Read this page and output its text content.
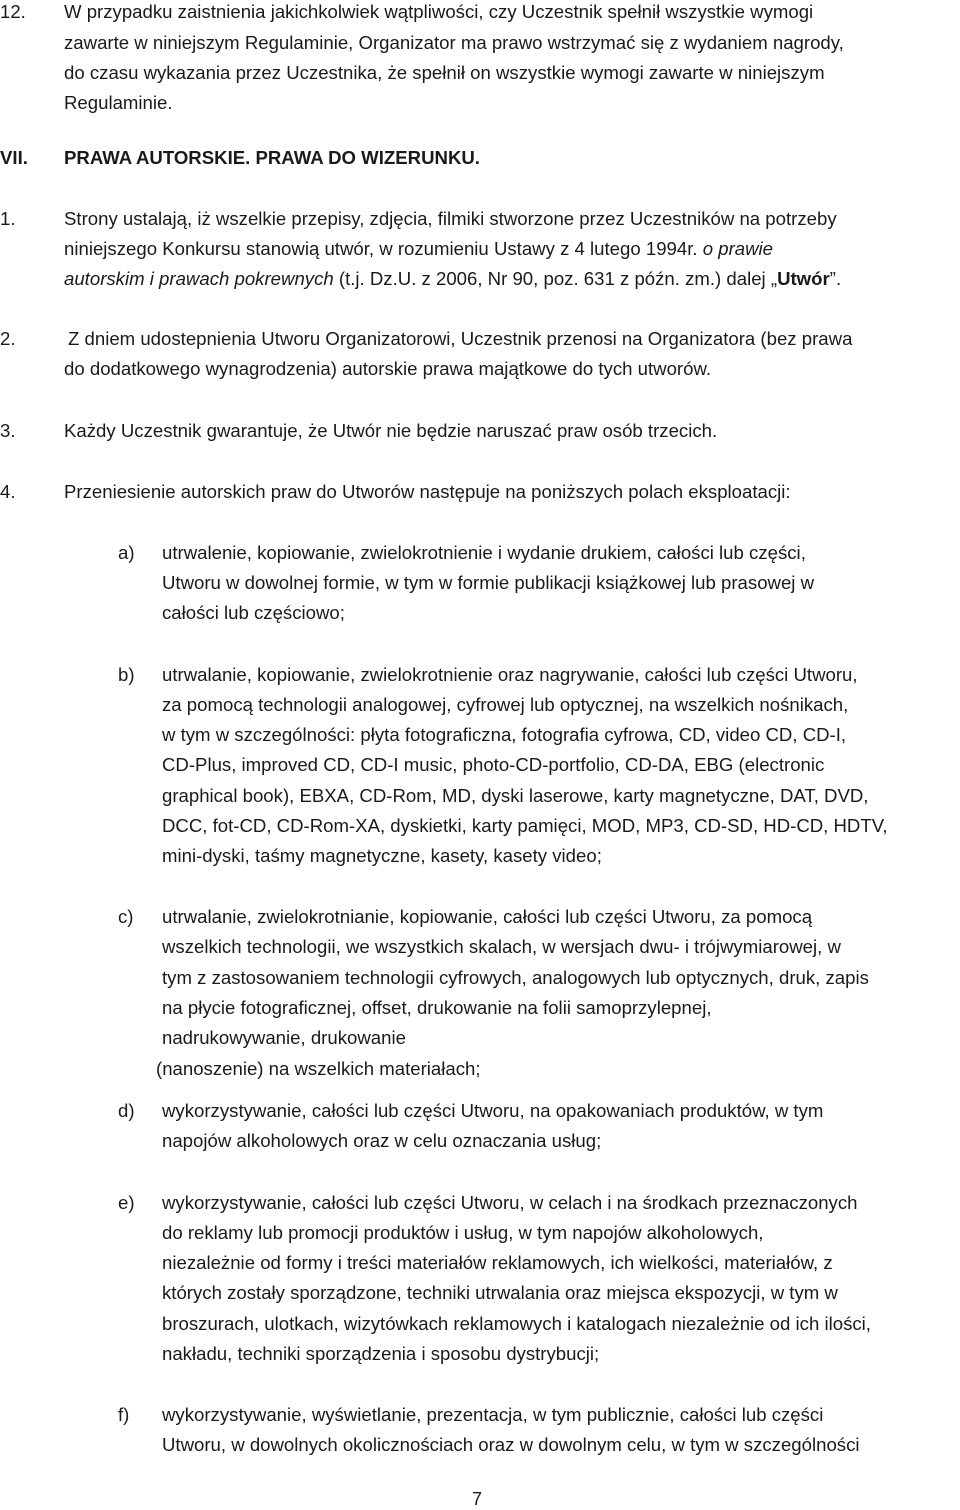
12. W przypadku zaistnienia jakichkolwiek wątpliwości, czy Uczestnik spełnił wszystkie wymogi
zawarte w niniejszym Regulaminie, Organizator ma prawo wstrzymać się z wydaniem nagrody,
do czasu wykazania przez Uczestnika, że spełnił on wszystkie wymogi zawarte w niniejszym
Regulaminie.
VII. PRAWA AUTORSKIE. PRAWA DO WIZERUNKU.
1.	Strony ustalają, iż wszelkie przepisy, zdjęcia, filmiki stworzone przez Uczestników na potrzeby
niniejszego Konkursu stanowią utwór, w rozumieniu Ustawy z 4 lutego 1994r. o prawie
autorskim i prawach pokrewnych (t.j. Dz.U. z 2006, Nr 90, poz. 631 z późn. zm.) dalej „Utwór”.
2.	Z dniem udostepnienia Utworu Organizatorowi, Uczestnik przenosi na Organizatora (bez prawa
do dodatkowego wynagrodzenia) autorskie prawa majątkowe do tych utworów.
3.	Każdy Uczestnik gwarantuje, że Utwór nie będzie naruszać praw osób trzecich.
4.	Przeniesienie autorskich praw do Utworów następuje na poniższych polach eksploatacji:
a) utrwalenie, kopiowanie, zwielokrotnienie i wydanie drukiem, całości lub części,
Utworu w dowolnej formie, w tym w formie publikacji książkowej lub prasowej w
całości lub częściowo;
b) utrwalanie, kopiowanie, zwielokrotnienie oraz nagrywanie, całości lub części Utworu,
za pomocą technologii analogowej, cyfrowej lub optycznej, na wszelkich nośnikach,
w tym w szczególności: płyta fotograficzna, fotografia cyfrowa, CD, video CD, CD-I,
CD-Plus, improved CD, CD-I music, photo-CD-portfolio, CD-DA, EBG (electronic
graphical book), EBXA, CD-Rom, MD, dyski laserowe, karty magnetyczne, DAT, DVD,
DCC, fot-CD, CD-Rom-XA, dyskietki, karty pamięci, MOD, MP3, CD-SD, HD-CD, HDTV,
mini-dyski, taśmy magnetyczne, kasety, kasety video;
c) utrwalanie, zwielokrotnianie, kopiowanie, całości lub części Utworu, za pomocą
wszelkich technologii, we wszystkich skalach, w wersjach dwu- i trójwymiarowej, w
tym z zastosowaniem technologii cyfrowych, analogowych lub optycznych, druk, zapis
na płycie fotograficznej, offset, drukowanie na folii samoprzylepnej,
nadrukowywanie, drukowanie
(nanoszenie) na wszelkich materiałach;
d) wykorzystywanie, całości lub części Utworu, na opakowaniach produktów, w tym
napojów alkoholowych oraz w celu oznaczania usług;
e) wykorzystywanie, całości lub części Utworu, w celach i na środkach przeznaczonych
do reklamy lub promocji produktów i usług, w tym napojów alkoholowych,
niezależnie od formy i treści materiałów reklamowych, ich wielkości, materiałów, z
których zostały sporządzone, techniki utrwalania oraz miejsca ekspozycji, w tym w
broszurach, ulotkach, wizytówkach reklamowych i katalogach niezależnie od ich ilości,
nakładu, techniki sporządzenia i sposobu dystrybucji;
f) wykorzystywanie, wyświetlanie, prezentacja, w tym publicznie, całości lub części
Utworu, w dowolnych okolicznościach oraz w dowolnym celu, w tym w szczególności
7
